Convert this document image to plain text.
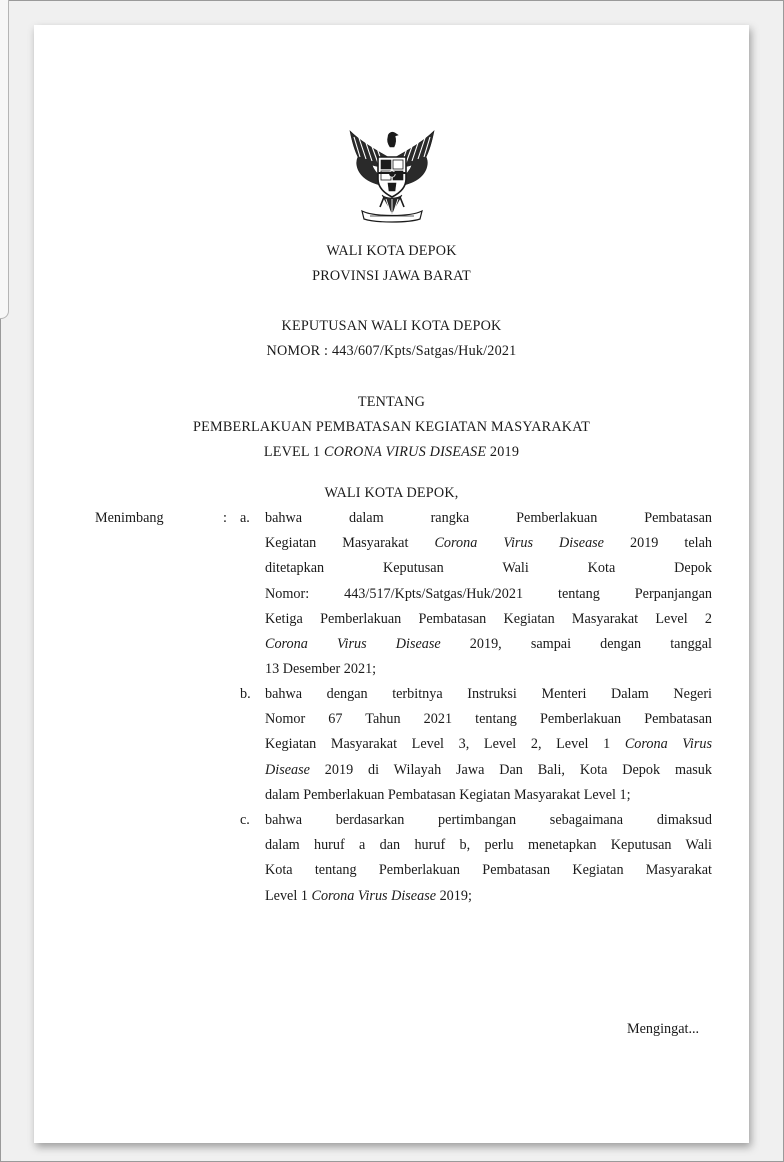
WALI KOTA DEPOK
PROVINSI JAWA BARAT
KEPUTUSAN WALI KOTA DEPOK
NOMOR : 443/607/Kpts/Satgas/Huk/2021
TENTANG
PEMBERLAKUAN PEMBATASAN KEGIATAN MASYARAKAT
LEVEL 1 CORONA VIRUS DISEASE 2019
WALI KOTA DEPOK,
Menimbang	: a. bahwa dalam rangka Pemberlakuan Pembatasan
Kegiatan Masyarakat Corona Virus Disease 2019 telah
ditetapkan Keputusan Wali Kota Depok
Nomor: 443/517/Kpts/Satgas/Huk/2021 tentang Perpanjangan
Ketiga Pemberlakuan Pembatasan Kegiatan Masyarakat Level 2
Corona Virus Disease 2019, sampai dengan tanggal
13 Desember 2021;
b. bahwa dengan terbitnya Instruksi Menteri Dalam Negeri
Nomor 67 Tahun 2021 tentang Pemberlakuan Pembatasan
Kegiatan Masyarakat Level 3, Level 2, Level 1 Corona Virus
Disease 2019 di Wilayah Jawa Dan Bali, Kota Depok masuk
dalam Pemberlakuan Pembatasan Kegiatan Masyarakat Level 1;
c. bahwa berdasarkan pertimbangan sebagaimana dimaksud
dalam huruf a dan huruf b, perlu menetapkan Keputusan Wali
Kota tentang Pemberlakuan Pembatasan Kegiatan Masyarakat
Level 1 Corona Virus Disease 2019;
Mengingat...
